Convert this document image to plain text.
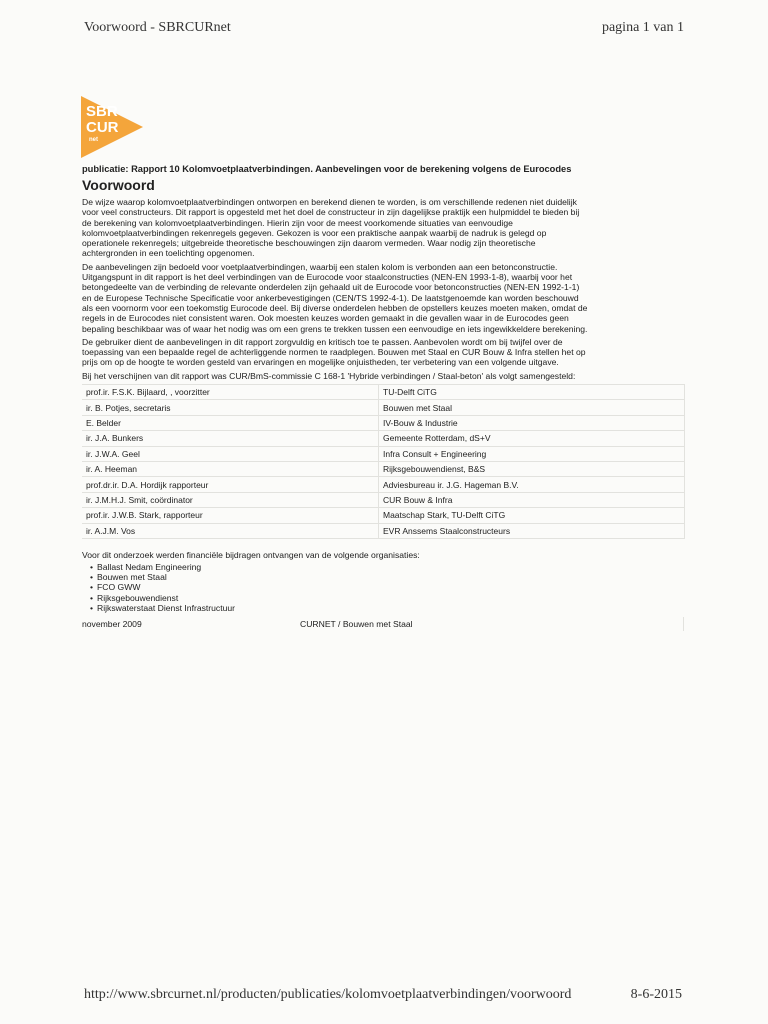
Voorwoord - SBRCURnet	pagina 1 van 1
SBR
CUR
net
publicatie: Rapport 10 Kolomvoetplaatverbindingen. Aanbevelingen voor de berekening volgens de Eurocodes
Voorwoord
De wijze waarop kolomvoetplaatverbindingen ontworpen en berekend dienen te worden, is om verschillende redenen niet duidelijk
voor veel constructeurs. Dit rapport is opgesteld met het doel de constructeur in zijn dagelijkse praktijk een hulpmiddel te bieden bij
de berekening van kolomvoetplaatverbindingen. Hierin zijn voor de meest voorkomende situaties van eenvoudige
kolomvoetplaatverbindingen rekenregels gegeven. Gekozen is voor een praktische aanpak waarbij de nadruk is gelegd op
operationele rekenregels; uitgebreide theoretische beschouwingen zijn daarom vermeden. Waar nodig zijn theoretische
achtergronden in een toelichting opgenomen.
De aanbevelingen zijn bedoeld voor voetplaatverbindingen, waarbij een stalen kolom is verbonden aan een betonconstructie.
Uitgangspunt in dit rapport is het deel verbindingen van de Eurocode voor staalconstructies (NEN-EN 1993-1-8), waarbij voor het
betongedeelte van de verbinding de relevante onderdelen zijn gehaald uit de Eurocode voor betonconstructies (NEN-EN 1992-1-1)
en de Europese Technische Specificatie voor ankerbevestigingen (CEN/TS 1992-4-1). De laatstgenoemde kan worden beschouwd
als een voornorm voor een toekomstig Eurocode deel. Bij diverse onderdelen hebben de opstellers keuzes moeten maken, omdat de
regels in de Eurocodes niet consistent waren. Ook moesten keuzes worden gemaakt in die gevallen waar in de Eurocodes geen
bepaling beschikbaar was of waar het nodig was om een grens te trekken tussen een eenvoudige en iets ingewikkeldere berekening.
De gebruiker dient de aanbevelingen in dit rapport zorgvuldig en kritisch toe te passen. Aanbevolen wordt om bij twijfel over de
toepassing van een bepaalde regel de achterliggende normen te raadplegen. Bouwen met Staal en CUR Bouw & Infra stellen het op
prijs om op de hoogte te worden gesteld van ervaringen en mogelijke onjuistheden, ter verbetering van een volgende uitgave.
Bij het verschijnen van dit rapport was CUR/BmS-commissie C 168-1 'Hybride verbindingen / Staal-beton' als volgt samengesteld:
prof.ir. F.S.K. Bijlaard, , voorzitter	TU-Delft CiTG
ir. B. Potjes, secretaris	Bouwen met Staal
E. Belder	IV-Bouw & Industrie
ir. J.A. Bunkers	Gemeente Rotterdam, dS+V
ir. J.W.A. Geel	Infra Consult + Engineering
ir. A. Heeman	Rijksgebouwendienst, B&S
prof.dr.ir. D.A. Hordijk rapporteur	Adviesbureau ir. J.G. Hageman B.V.
ir. J.M.H.J. Smit, coördinator	CUR Bouw & Infra
prof.ir. J.W.B. Stark, rapporteur	Maatschap Stark, TU-Delft CiTG
ir. A.J.M. Vos	EVR Anssems Staalconstructeurs
Voor dit onderzoek werden financiële bijdragen ontvangen van de volgende organisaties:
• Ballast Nedam Engineering
• Bouwen met Staal
• FCO GWW
• Rijksgebouwendienst
• Rijkswaterstaat Dienst Infrastructuur
november 2009	CURNET / Bouwen met Staal
http://www.sbrcurnet.nl/producten/publicaties/kolomvoetplaatverbindingen/voorwoord	8-6-2015
